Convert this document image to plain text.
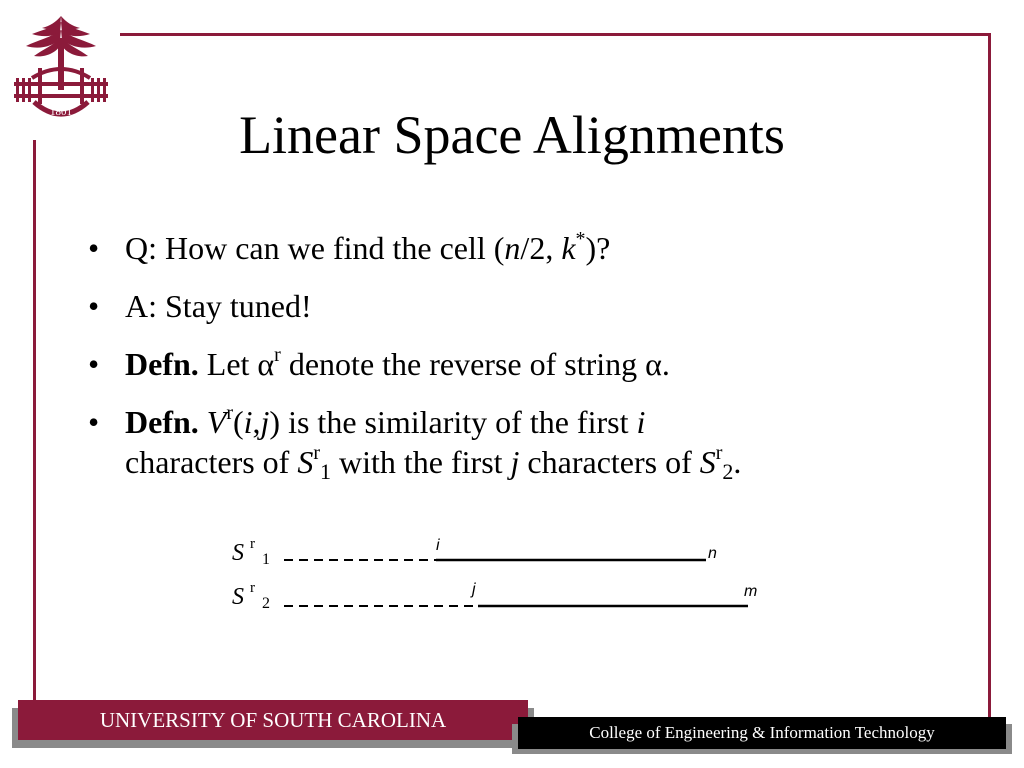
1801	Linear Space Alignments
• Q: How can we find the cell (n/2, k*)?
• A: Stay tuned!
• Defn. Let $\alpha^r$ denote the reverse of string α.
• Defn. $V^r(i,j)$ is the similarity of the first i
characters of $S^r_1$ with the first j characters of $S^r_2$.
S r
1
S r
2
i	n
j	m
UNIVERSITY OF SOUTH CAROLINA
College of Engineering & Information Technology
